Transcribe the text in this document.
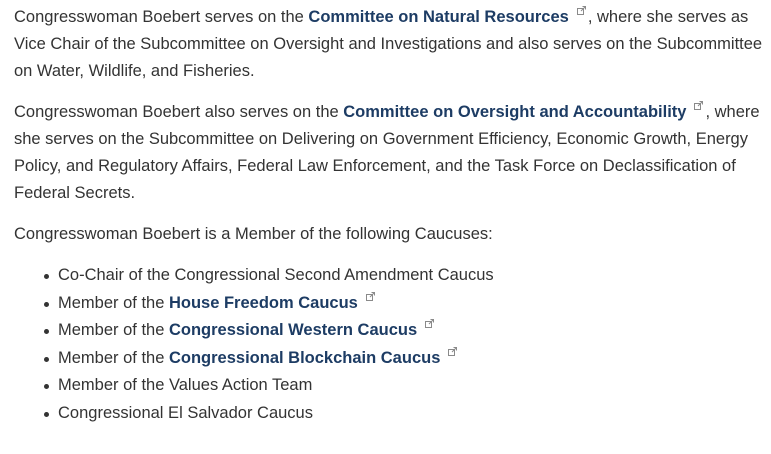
Congresswoman Boebert serves on the Committee on Natural Resources , where she serves as Vice Chair of the Subcommittee on Oversight and Investigations and also serves on the Subcommittee on Water, Wildlife, and Fisheries.

Congresswoman Boebert also serves on the Committee on Oversight and Accountability , where she serves on the Subcommittee on Delivering on Government Efficiency, Economic Growth, Energy Policy, and Regulatory Affairs, Federal Law Enforcement, and the Task Force on Declassification of Federal Secrets.

Congresswoman Boebert is a Member of the following Caucuses:

Co-Chair of the Congressional Second Amendment Caucus
Member of the House Freedom Caucus
Member of the Congressional Western Caucus
Member of the Congressional Blockchain Caucus
Member of the Values Action Team
Congressional El Salvador Caucus
